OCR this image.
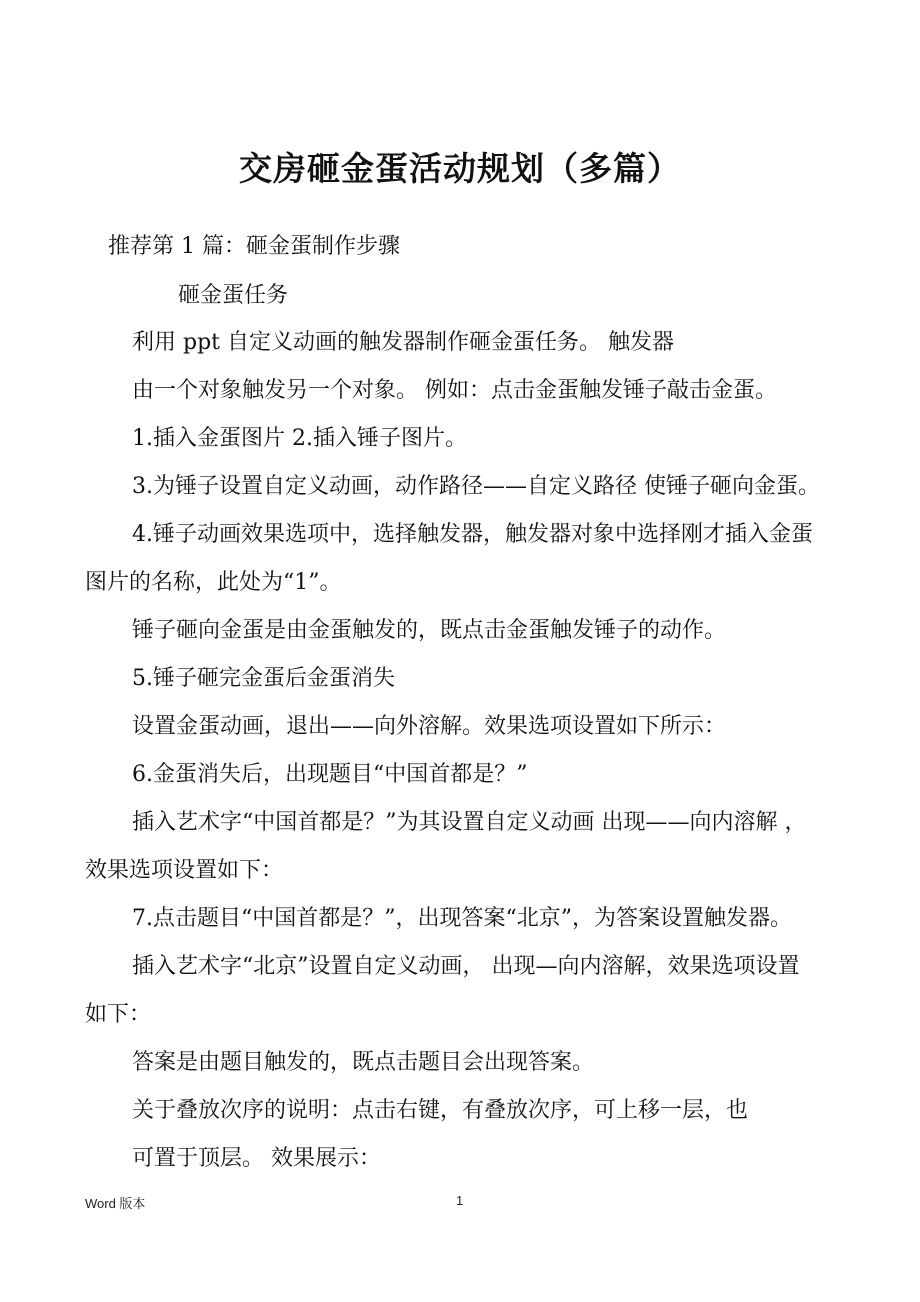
交房砸金蛋活动规划（多篇）
推荐第 1 篇：砸金蛋制作步骤
砸金蛋任务
利用 ppt 自定义动画的触发器制作砸金蛋任务。 触发器
由一个对象触发另一个对象。 例如：点击金蛋触发锤子敲击金蛋。
1.插入金蛋图片 2.插入锤子图片。
3.为锤子设置自定义动画，动作路径——自定义路径 使锤子砸向金蛋。
4.锤子动画效果选项中，选择触发器，触发器对象中选择刚才插入金蛋
图片的名称，此处为“1”。
锤子砸向金蛋是由金蛋触发的，既点击金蛋触发锤子的动作。
5.锤子砸完金蛋后金蛋消失
设置金蛋动画，退出——向外溶解。效果选项设置如下所示：
6.金蛋消失后，出现题目“中国首都是？”
插入艺术字“中国首都是？”为其设置自定义动画 出现——向内溶解 ，
效果选项设置如下：
7.点击题目“中国首都是？”，出现答案“北京”，为答案设置触发器。
插入艺术字“北京”设置自定义动画， 出现—向内溶解，效果选项设置
如下：
答案是由题目触发的，既点击题目会出现答案。
关于叠放次序的说明：点击右键，有叠放次序，可上移一层，也
可置于顶层。 效果展示：
Word 版本	1
